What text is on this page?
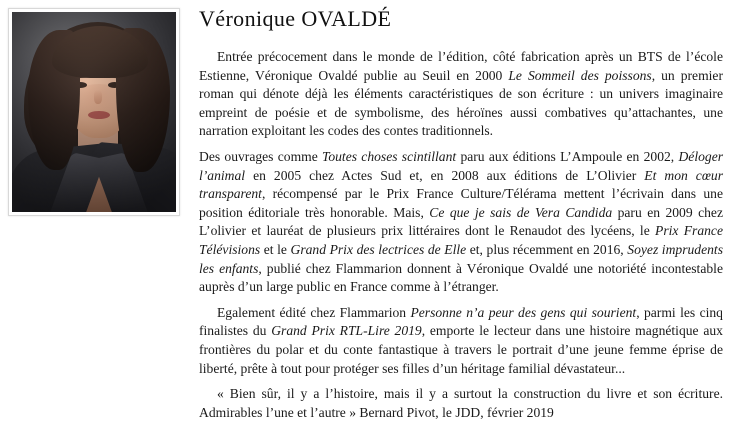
Véronique OVALDÉ
Entrée précocement dans le monde de l’édition, côté fabrication après un BTS de l’école Estienne, Véronique Ovaldé publie au Seuil en 2000 Le Sommeil des poissons, un premier roman qui dénote déjà les éléments caractéristiques de son écriture : un univers imaginaire empreint de poésie et de symbolisme, des héroïnes aussi combatives qu’attachantes, une narration exploitant les codes des contes traditionnels.
Des ouvrages comme Toutes choses scintillant paru aux éditions L’Ampoule en 2002, Déloger l’animal en 2005 chez Actes Sud et, en 2008 aux éditions de L’Olivier Et mon cœur transparent, récompensé par le Prix France Culture/Télérama mettent l’écrivain dans une position éditoriale très honorable. Mais, Ce que je sais de Vera Candida paru en 2009 chez L’olivier et lauréat de plusieurs prix littéraires dont le Renaudot des lycéens, le Prix France Télévisions et le Grand Prix des lectrices de Elle et, plus récemment en 2016, Soyez imprudents les enfants, publié chez Flammarion donnent à Véronique Ovaldé une notoriété incontestable auprès d’un large public en France comme à l’étranger.
Egalement édité chez Flammarion Personne n’a peur des gens qui sourient, parmi les cinq finalistes du Grand Prix RTL-Lire 2019, emporte le lecteur dans une histoire magnétique aux frontières du polar et du conte fantastique à travers le portrait d’une jeune femme éprise de liberté, prête à tout pour protéger ses filles d’un héritage familial dévastateur...
« Bien sûr, il y a l’histoire, mais il y a surtout la construction du livre et son écriture. Admirables l’une et l’autre » Bernard Pivot, le JDD, février 2019
